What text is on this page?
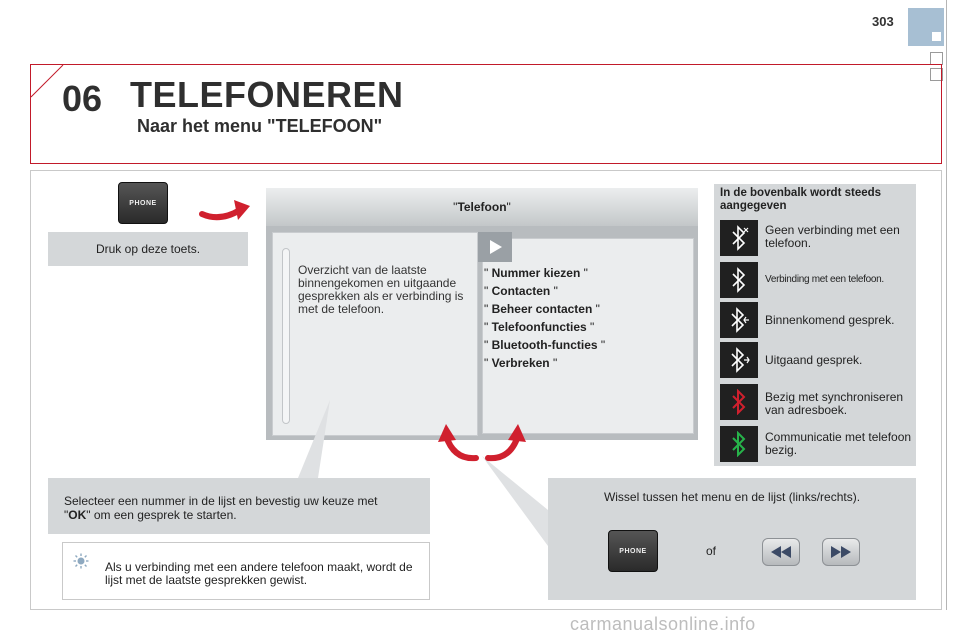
303
06 TELEFONEREN
Naar het menu "TELEFOON"
PHONE
Druk op deze toets.
" Telefoon "
Overzicht van de laatste binnengekomen en uitgaande gesprekken als er verbinding is met de telefoon.
" Nummer kiezen "
" Contacten "
" Beheer contacten "
" Telefoonfuncties "
" Bluetooth-functies "
" Verbreken "
In de bovenbalk wordt steeds aangegeven
Geen verbinding met een telefoon.
Verbinding met een telefoon.
Binnenkomend gesprek.
Uitgaand gesprek.
Bezig met synchroniseren van adresboek.
Communicatie met telefoon bezig.
Selecteer een nummer in de lijst en bevestig uw keuze met
"OK" om een gesprek te starten.
Als u verbinding met een andere telefoon maakt, wordt de lijst met de laatste gesprekken gewist.
Wissel tussen het menu en de lijst (links/rechts).
of
PHONE
carmanualsonline.info
